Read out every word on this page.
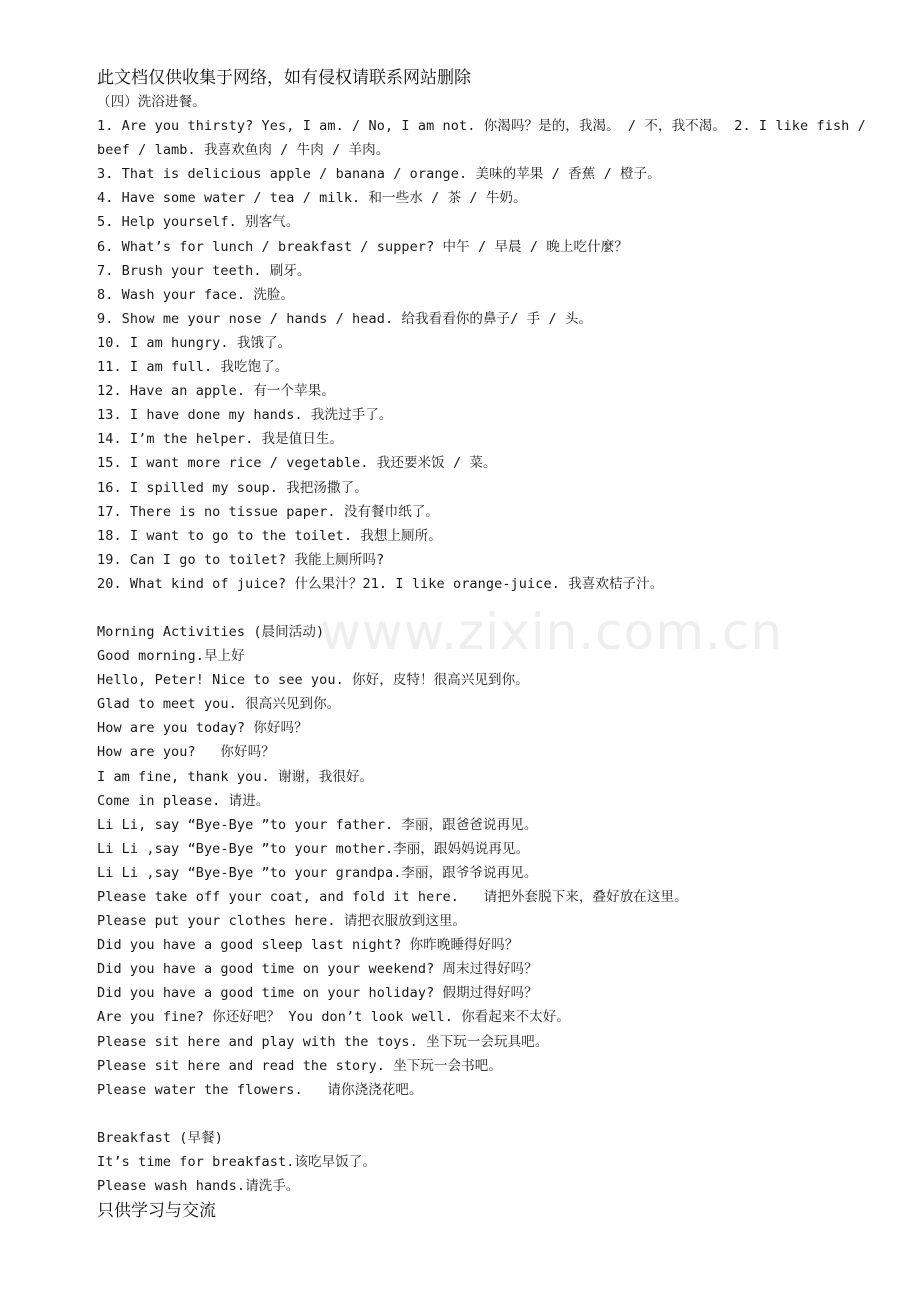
www.zixin.com.cn

此文档仅供收集于网络，如有侵权请联系网站删除

（四）洗浴进餐。

1. Are you thirsty? Yes, I am. / No, I am not. 你渴吗？是的，我渴。 / 不，我不渴。 2. I like fish / beef / lamb. 我喜欢鱼肉 / 牛肉 / 羊肉。

3. That is delicious apple / banana / orange. 美味的苹果 / 香蕉 / 橙子。

4. Have some water / tea / milk. 和一些水 / 茶 / 牛奶。

5. Help yourself. 别客气。

6. What’s for lunch / breakfast / supper? 中午 / 早晨 / 晚上吃什麼？

7. Brush your teeth. 刷牙。

8. Wash your face. 洗脸。

9. Show me your nose / hands / head. 给我看看你的鼻子/ 手 / 头。

10. I am hungry. 我饿了。

11. I am full. 我吃饱了。

12. Have an apple. 有一个苹果。

13. I have done my hands. 我洗过手了。

14. I’m the helper. 我是值日生。

15. I want more rice / vegetable. 我还要米饭 / 菜。

16. I spilled my soup. 我把汤撒了。

17. There is no tissue paper. 没有餐巾纸了。

18. I want to go to the toilet. 我想上厕所。

19. Can I go to toilet? 我能上厕所吗?

20. What kind of juice? 什么果汁？21. I like orange-juice. 我喜欢桔子汁。

Morning Activities (晨间活动)

Good morning.早上好

Hello, Peter! Nice to see you. 你好，皮特！很高兴见到你。

Glad to meet you. 很高兴见到你。

How are you today? 你好吗？

How are you?   你好吗？

I am fine, thank you. 谢谢，我很好。

Come in please. 请进。

Li Li, say “Bye-Bye ”to your father. 李丽，跟爸爸说再见。

Li Li ,say “Bye-Bye ”to your mother.李丽，跟妈妈说再见。

Li Li ,say “Bye-Bye ”to your grandpa.李丽，跟爷爷说再见。

Please take off your coat, and fold it here.   请把外套脱下来，叠好放在这里。

Please put your clothes here. 请把衣服放到这里。

Did you have a good sleep last night? 你昨晚睡得好吗？

Did you have a good time on your weekend? 周末过得好吗？

Did you have a good time on your holiday? 假期过得好吗？

Are you fine? 你还好吧？ You don’t look well. 你看起来不太好。

Please sit here and play with the toys. 坐下玩一会玩具吧。

Please sit here and read the story. 坐下玩一会书吧。

Please water the flowers.   请你浇浇花吧。

Breakfast (早餐)

It’s time for breakfast.该吃早饭了。

Please wash hands.请洗手。

只供学习与交流
